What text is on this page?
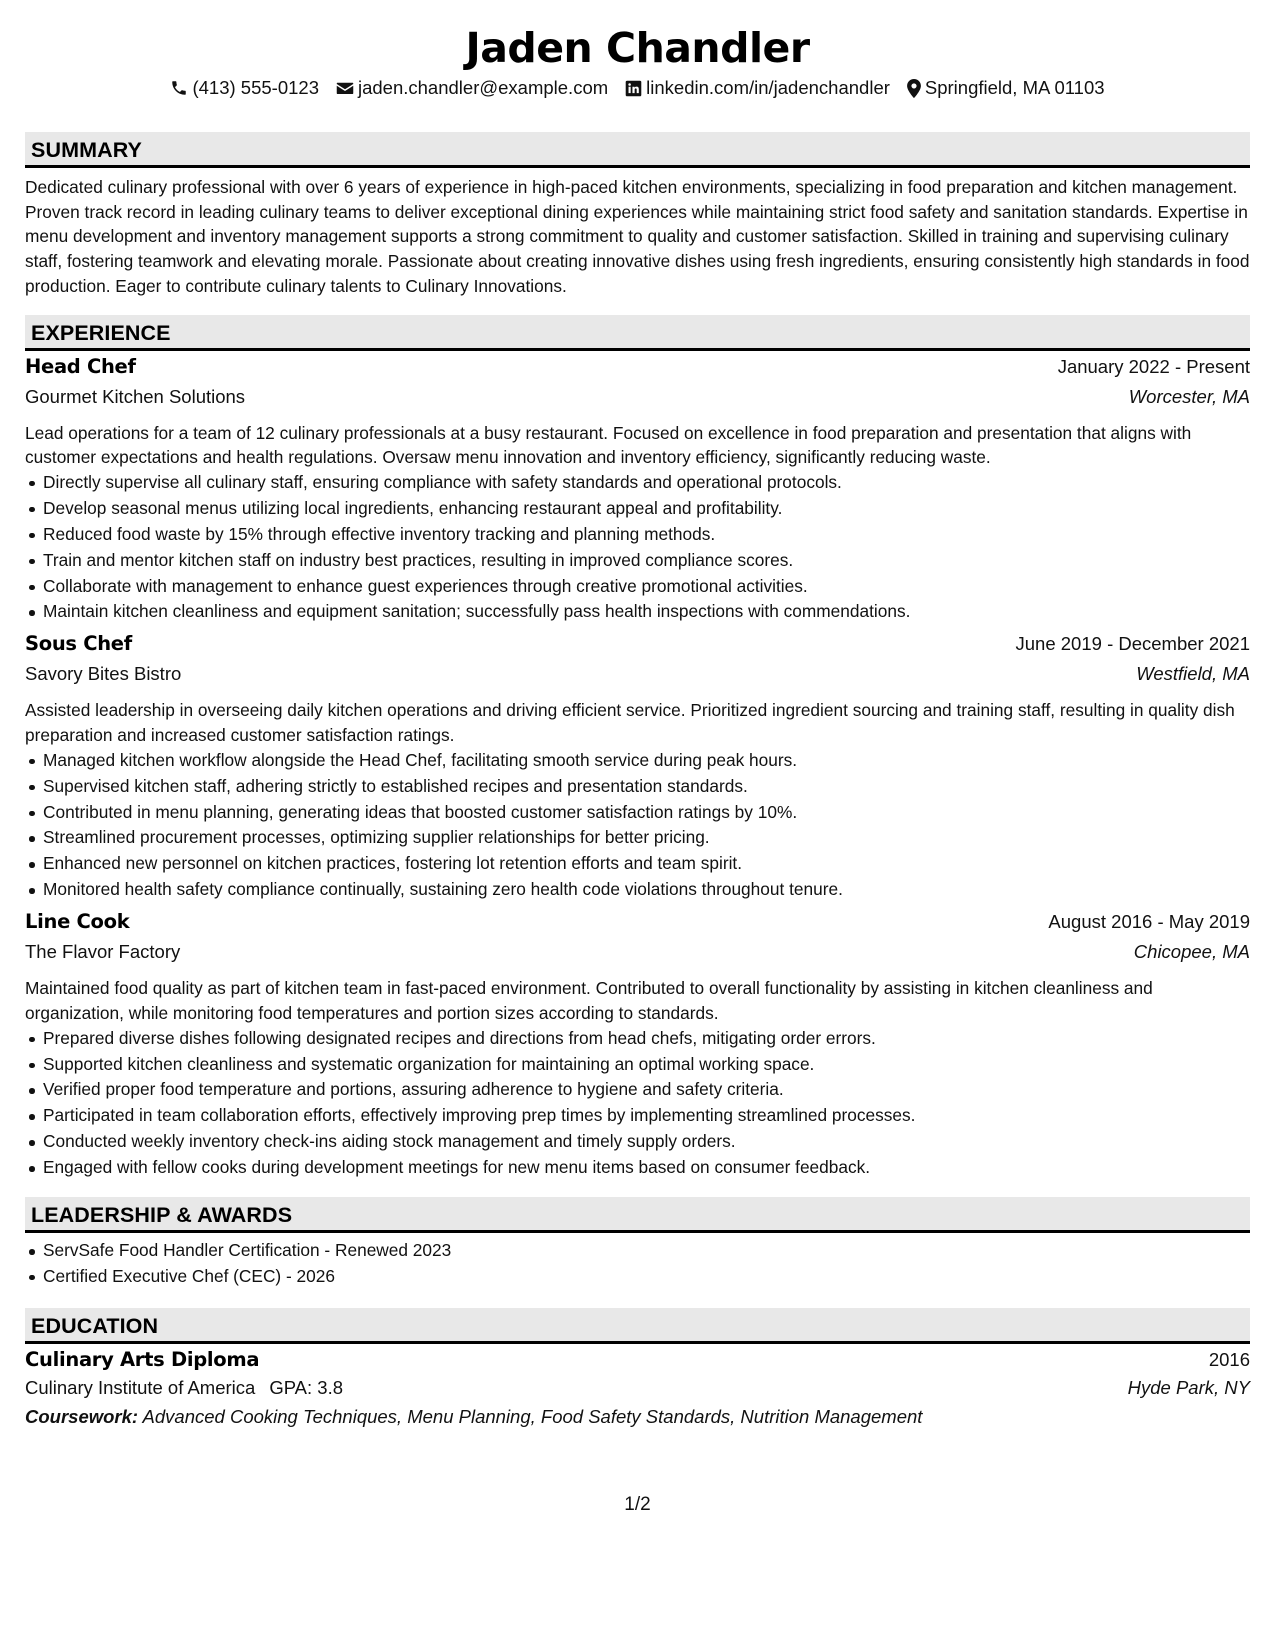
Jaden Chandler
(413) 555-0123 jaden.chandler@example.com linkedin.com/in/jadenchandler Springfield, MA 01103
SUMMARY

Dedicated culinary professional with over 6 years of experience in high-paced kitchen environments, specializing in food preparation and kitchen management. Proven track record in leading culinary teams to deliver exceptional dining experiences while maintaining strict food safety and sanitation standards. Expertise in menu development and inventory management supports a strong commitment to quality and customer satisfaction. Skilled in training and supervising culinary staff, fostering teamwork and elevating morale. Passionate about creating innovative dishes using fresh ingredients, ensuring consistently high standards in food production. Eager to contribute culinary talents to Culinary Innovations.

EXPERIENCE
Head Chef	January 2022 - Present
Gourmet Kitchen Solutions	Worcester, MA

Lead operations for a team of 12 culinary professionals at a busy restaurant. Focused on excellence in food preparation and presentation that aligns with customer expectations and health regulations. Oversaw menu innovation and inventory efficiency, significantly reducing waste.

Directly supervise all culinary staff, ensuring compliance with safety standards and operational protocols.
Develop seasonal menus utilizing local ingredients, enhancing restaurant appeal and profitability.
Reduced food waste by 15% through effective inventory tracking and planning methods.
Train and mentor kitchen staff on industry best practices, resulting in improved compliance scores.
Collaborate with management to enhance guest experiences through creative promotional activities.
Maintain kitchen cleanliness and equipment sanitation; successfully pass health inspections with commendations.
Sous Chef	June 2019 - December 2021
Savory Bites Bistro	Westfield, MA

Assisted leadership in overseeing daily kitchen operations and driving efficient service. Prioritized ingredient sourcing and training staff, resulting in quality dish preparation and increased customer satisfaction ratings.

Managed kitchen workflow alongside the Head Chef, facilitating smooth service during peak hours.
Supervised kitchen staff, adhering strictly to established recipes and presentation standards.
Contributed in menu planning, generating ideas that boosted customer satisfaction ratings by 10%.
Streamlined procurement processes, optimizing supplier relationships for better pricing.
Enhanced new personnel on kitchen practices, fostering lot retention efforts and team spirit.
Monitored health safety compliance continually, sustaining zero health code violations throughout tenure.
Line Cook	August 2016 - May 2019
The Flavor Factory	Chicopee, MA

Maintained food quality as part of kitchen team in fast-paced environment. Contributed to overall functionality by assisting in kitchen cleanliness and organization, while monitoring food temperatures and portion sizes according to standards.

Prepared diverse dishes following designated recipes and directions from head chefs, mitigating order errors.
Supported kitchen cleanliness and systematic organization for maintaining an optimal working space.
Verified proper food temperature and portions, assuring adherence to hygiene and safety criteria.
Participated in team collaboration efforts, effectively improving prep times by implementing streamlined processes.
Conducted weekly inventory check-ins aiding stock management and timely supply orders.
Engaged with fellow cooks during development meetings for new menu items based on consumer feedback.
LEADERSHIP & AWARDS
ServSafe Food Handler Certification - Renewed 2023
Certified Executive Chef (CEC) - 2026
EDUCATION
Culinary Arts Diploma	2016
Culinary Institute of America GPA: 3.8	Hyde Park, NY
Coursework: Advanced Cooking Techniques, Menu Planning, Food Safety Standards, Nutrition Management
1/2
